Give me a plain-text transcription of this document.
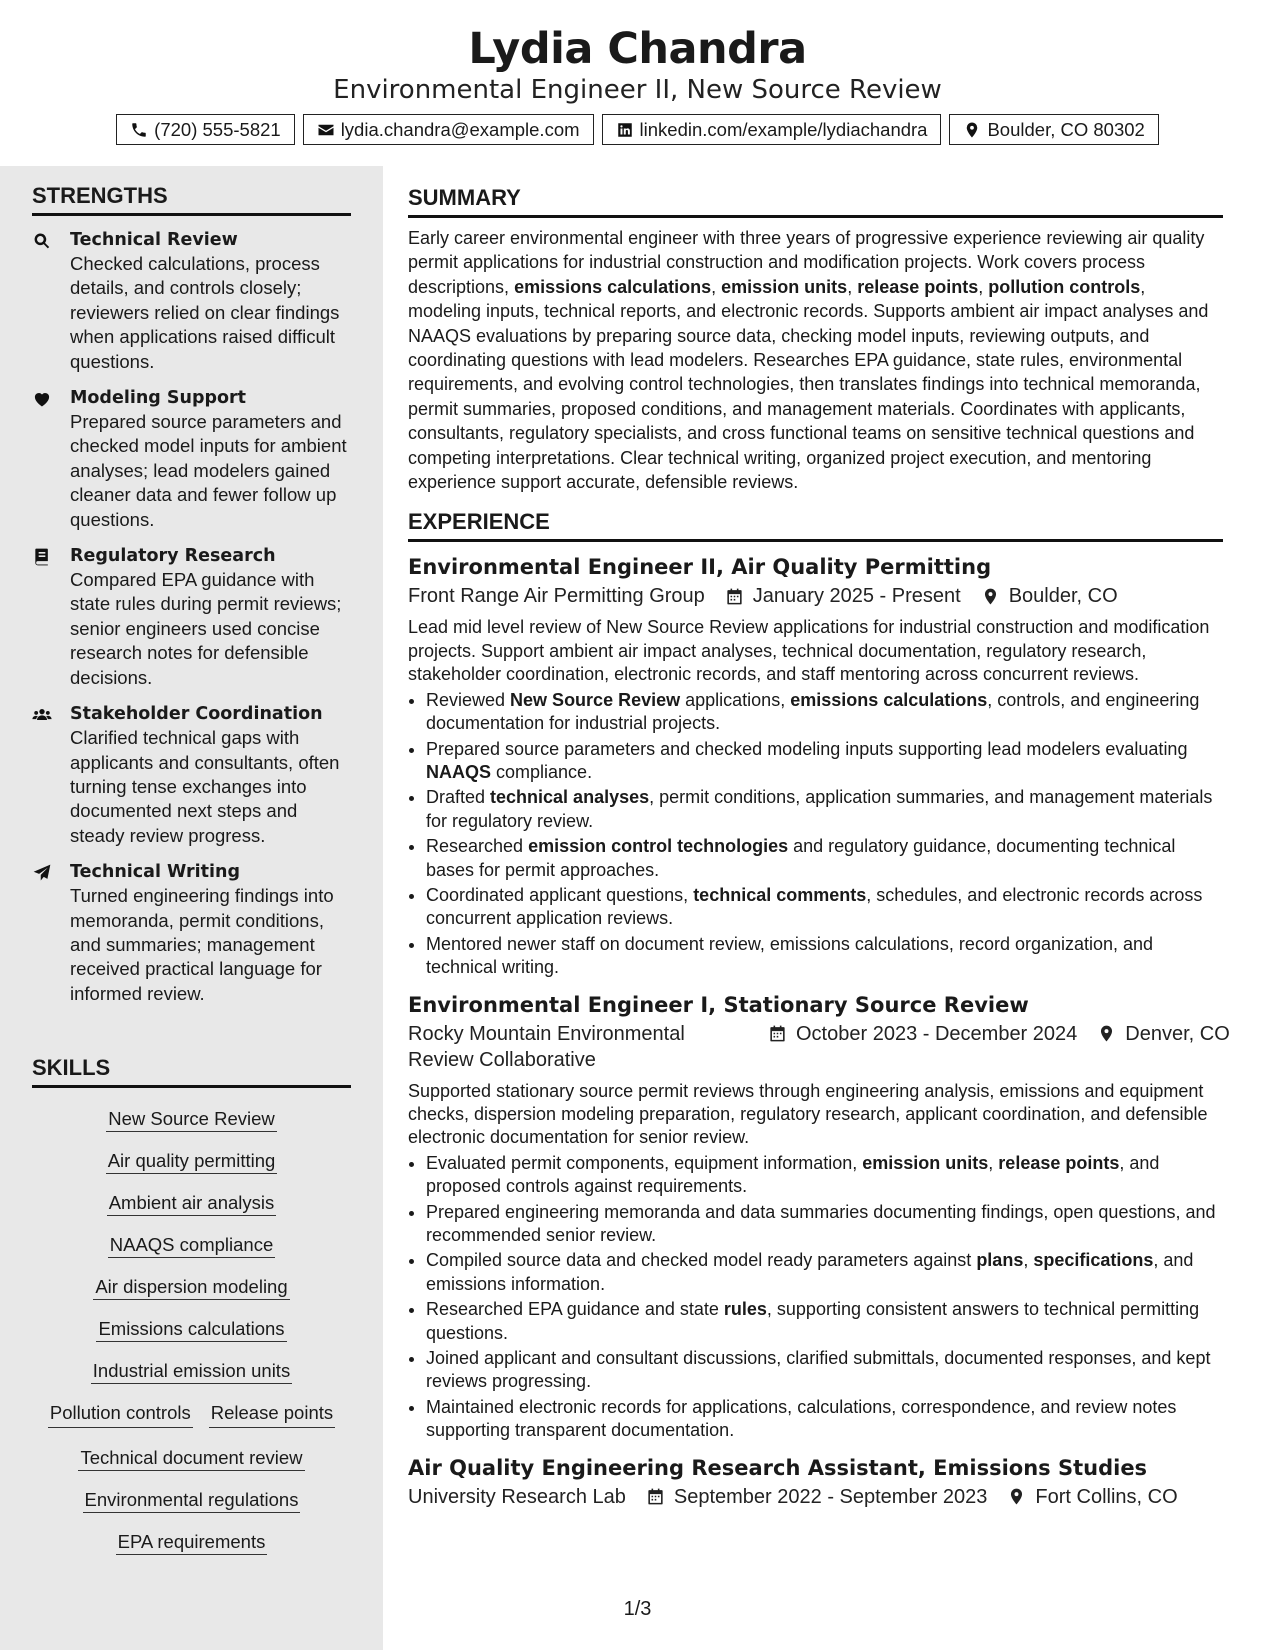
Lydia Chandra
Environmental Engineer II, New Source Review
(720) 555-5821	lydia.chandra@example.com	linkedin.com/example/lydiachandra	Boulder, CO 80302
STRENGTHS
Technical Review
Checked calculations, process details, and controls closely; reviewers relied on clear findings when applications raised difficult questions.
Modeling Support
Prepared source parameters and checked model inputs for ambient analyses; lead modelers gained cleaner data and fewer follow up questions.
Regulatory Research
Compared EPA guidance with state rules during permit reviews; senior engineers used concise research notes for defensible decisions.
Stakeholder Coordination
Clarified technical gaps with applicants and consultants, often turning tense exchanges into documented next steps and steady review progress.
Technical Writing
Turned engineering findings into memoranda, permit conditions, and summaries; management received practical language for informed review.
SKILLS
New Source Review
Air quality permitting
Ambient air analysis
NAAQS compliance
Air dispersion modeling
Emissions calculations
Industrial emission units
Pollution controls Release points
Technical document review
Environmental regulations
EPA requirements
SUMMARY

Early career environmental engineer with three years of progressive experience reviewing air quality permit applications for industrial construction and modification projects. Work covers process descriptions, emissions calculations, emission units, release points, pollution controls, modeling inputs, technical reports, and electronic records. Supports ambient air impact analyses and NAAQS evaluations by preparing source data, checking model inputs, reviewing outputs, and coordinating questions with lead modelers. Researches EPA guidance, state rules, environmental requirements, and evolving control technologies, then translates findings into technical memoranda, permit summaries, proposed conditions, and management materials. Coordinates with applicants, consultants, regulatory specialists, and cross functional teams on sensitive technical questions and competing interpretations. Clear technical writing, organized project execution, and mentoring experience support accurate, defensible reviews.

EXPERIENCE
Environmental Engineer II, Air Quality Permitting
Front Range Air Permitting Group January 2025 - Present Boulder, CO

Lead mid level review of New Source Review applications for industrial construction and modification projects. Support ambient air impact analyses, technical documentation, regulatory research, stakeholder coordination, electronic records, and staff mentoring across concurrent reviews.

• Reviewed New Source Review applications, emissions calculations, controls, and engineering documentation for industrial projects.
• Prepared source parameters and checked modeling inputs supporting lead modelers evaluating NAAQS compliance.
• Drafted technical analyses, permit conditions, application summaries, and management materials for regulatory review.
• Researched emission control technologies and regulatory guidance, documenting technical bases for permit approaches.
• Coordinated applicant questions, technical comments, schedules, and electronic records across concurrent application reviews.
• Mentored newer staff on document review, emissions calculations, record organization, and technical writing.
Environmental Engineer I, Stationary Source Review
Rocky Mountain Environmental Review Collaborative
October 2023 - December 2024 Denver, CO

Supported stationary source permit reviews through engineering analysis, emissions and equipment checks, dispersion modeling preparation, regulatory research, applicant coordination, and defensible electronic documentation for senior review.

• Evaluated permit components, equipment information, emission units, release points, and proposed controls against requirements.
• Prepared engineering memoranda and data summaries documenting findings, open questions, and recommended senior review.
• Compiled source data and checked model ready parameters against plans, specifications, and emissions information.
• Researched EPA guidance and state rules, supporting consistent answers to technical permitting questions.
• Joined applicant and consultant discussions, clarified submittals, documented responses, and kept reviews progressing.
• Maintained electronic records for applications, calculations, correspondence, and review notes supporting transparent documentation.
Air Quality Engineering Research Assistant, Emissions Studies
University Research Lab September 2022 - September 2023 Fort Collins, CO
1/3
